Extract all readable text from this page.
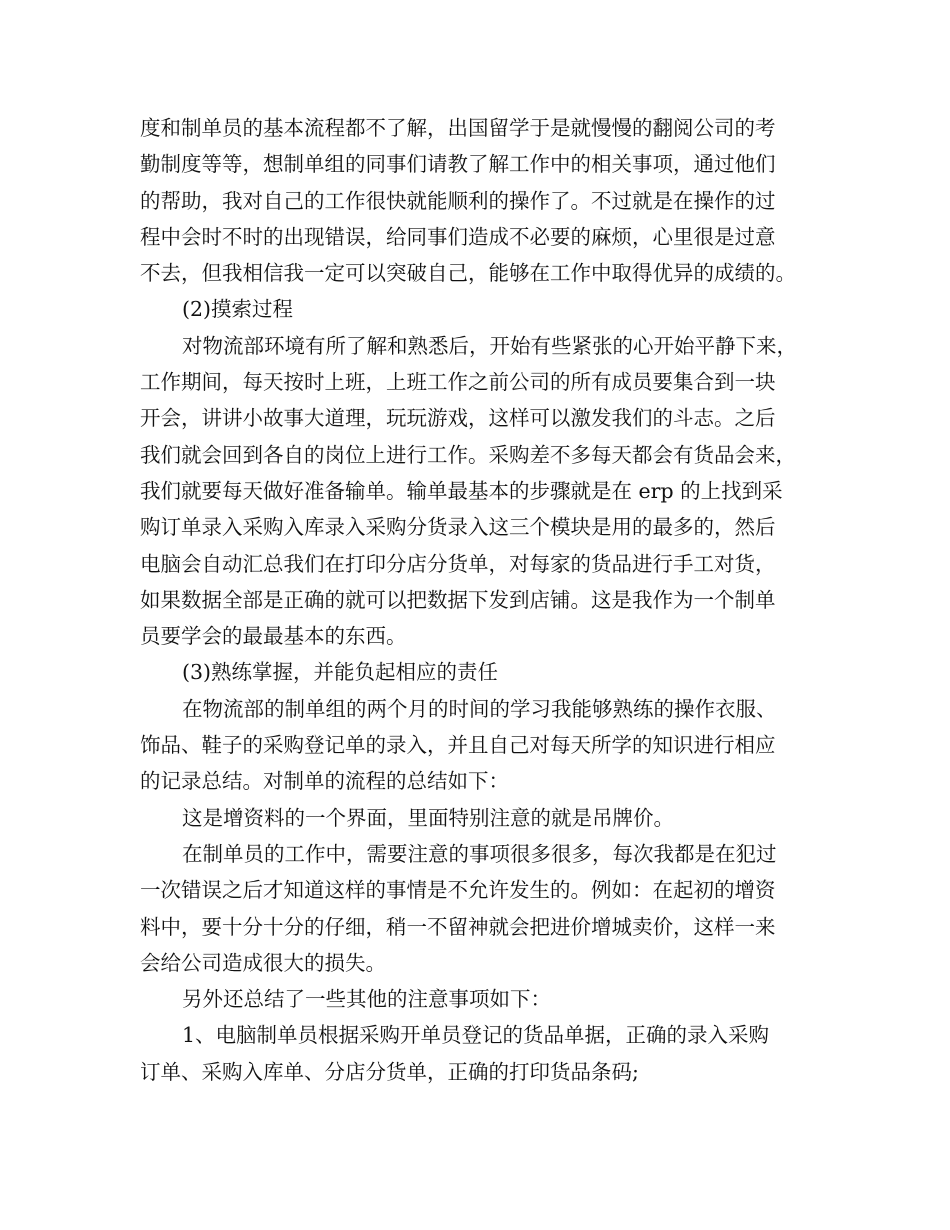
度和制单员的基本流程都不了解，出国留学于是就慢慢的翻阅公司的考

勤制度等等，想制单组的同事们请教了解工作中的相关事项，通过他们

的帮助，我对自己的工作很快就能顺利的操作了。不过就是在操作的过

程中会时不时的出现错误，给同事们造成不必要的麻烦，心里很是过意

不去，但我相信我一定可以突破自己，能够在工作中取得优异的成绩的。

(2)摸索过程

对物流部环境有所了解和熟悉后，开始有些紧张的心开始平静下来，

工作期间，每天按时上班，上班工作之前公司的所有成员要集合到一块

开会，讲讲小故事大道理，玩玩游戏，这样可以激发我们的斗志。之后

我们就会回到各自的岗位上进行工作。采购差不多每天都会有货品会来，

我们就要每天做好准备输单。输单最基本的步骤就是在 erp 的上找到采

购订单录入采购入库录入采购分货录入这三个模块是用的最多的，然后

电脑会自动汇总我们在打印分店分货单，对每家的货品进行手工对货，

如果数据全部是正确的就可以把数据下发到店铺。这是我作为一个制单

员要学会的最最基本的东西。

(3)熟练掌握，并能负起相应的责任

在物流部的制单组的两个月的时间的学习我能够熟练的操作衣服、

饰品、鞋子的采购登记单的录入，并且自己对每天所学的知识进行相应

的记录总结。对制单的流程的总结如下：

这是增资料的一个界面，里面特别注意的就是吊牌价。

在制单员的工作中，需要注意的事项很多很多，每次我都是在犯过

一次错误之后才知道这样的事情是不允许发生的。例如：在起初的增资

料中，要十分十分的仔细，稍一不留神就会把进价增城卖价，这样一来

会给公司造成很大的损失。

另外还总结了一些其他的注意事项如下：

1、电脑制单员根据采购开单员登记的货品单据，正确的录入采购

订单、采购入库单、分店分货单，正确的打印货品条码;
